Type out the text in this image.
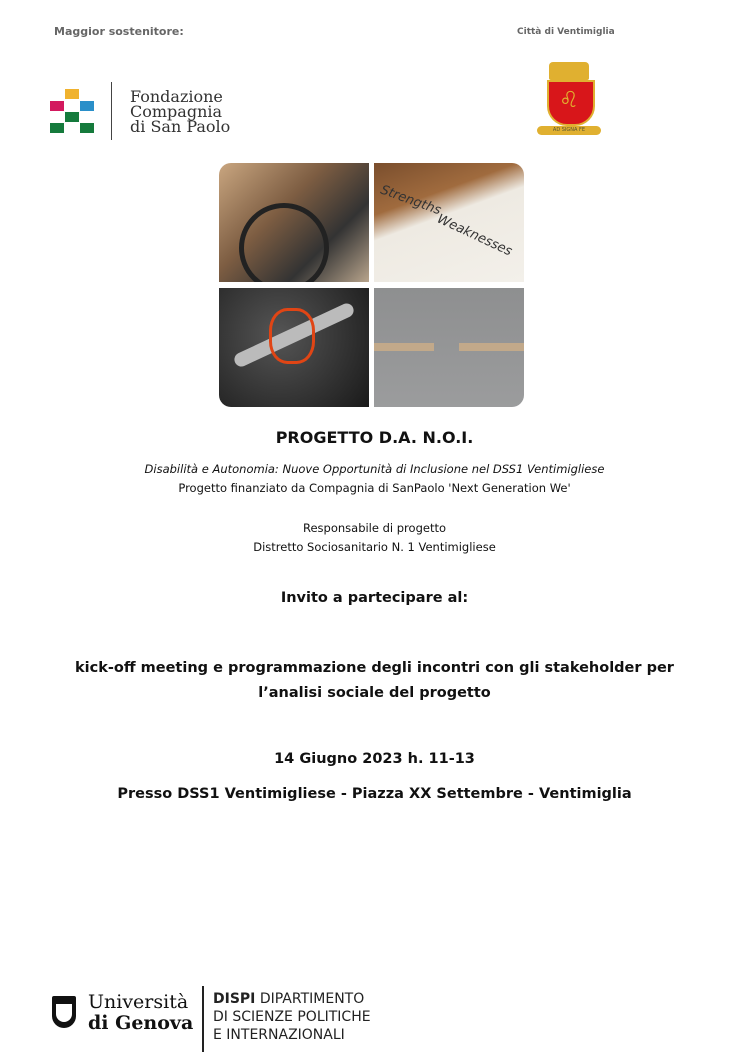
Maggior sostenitore:	Città di Ventimiglia
Fondazione
Compagnia
di San Paolo
♌
AD SIGNA FE
Strengths
Weaknesses
PROGETTO D.A. N.O.I.
Disabilità e Autonomia: Nuove Opportunità di Inclusione nel DSS1 Ventimigliese
Progetto finanziato da Compagnia di SanPaolo 'Next Generation We'
Responsabile di progetto
Distretto Sociosanitario N. 1 Ventimigliese
Invito a partecipare al:
kick-off meeting e programmazione degli incontri con gli stakeholder per
l’analisi sociale del progetto
14 Giugno 2023 h. 11-13
Presso DSS1 Ventimigliese - Piazza XX Settembre - Ventimiglia
Università
di Genova
DISPI DIPARTIMENTO
DI SCIENZE POLITICHE
E INTERNAZIONALI
